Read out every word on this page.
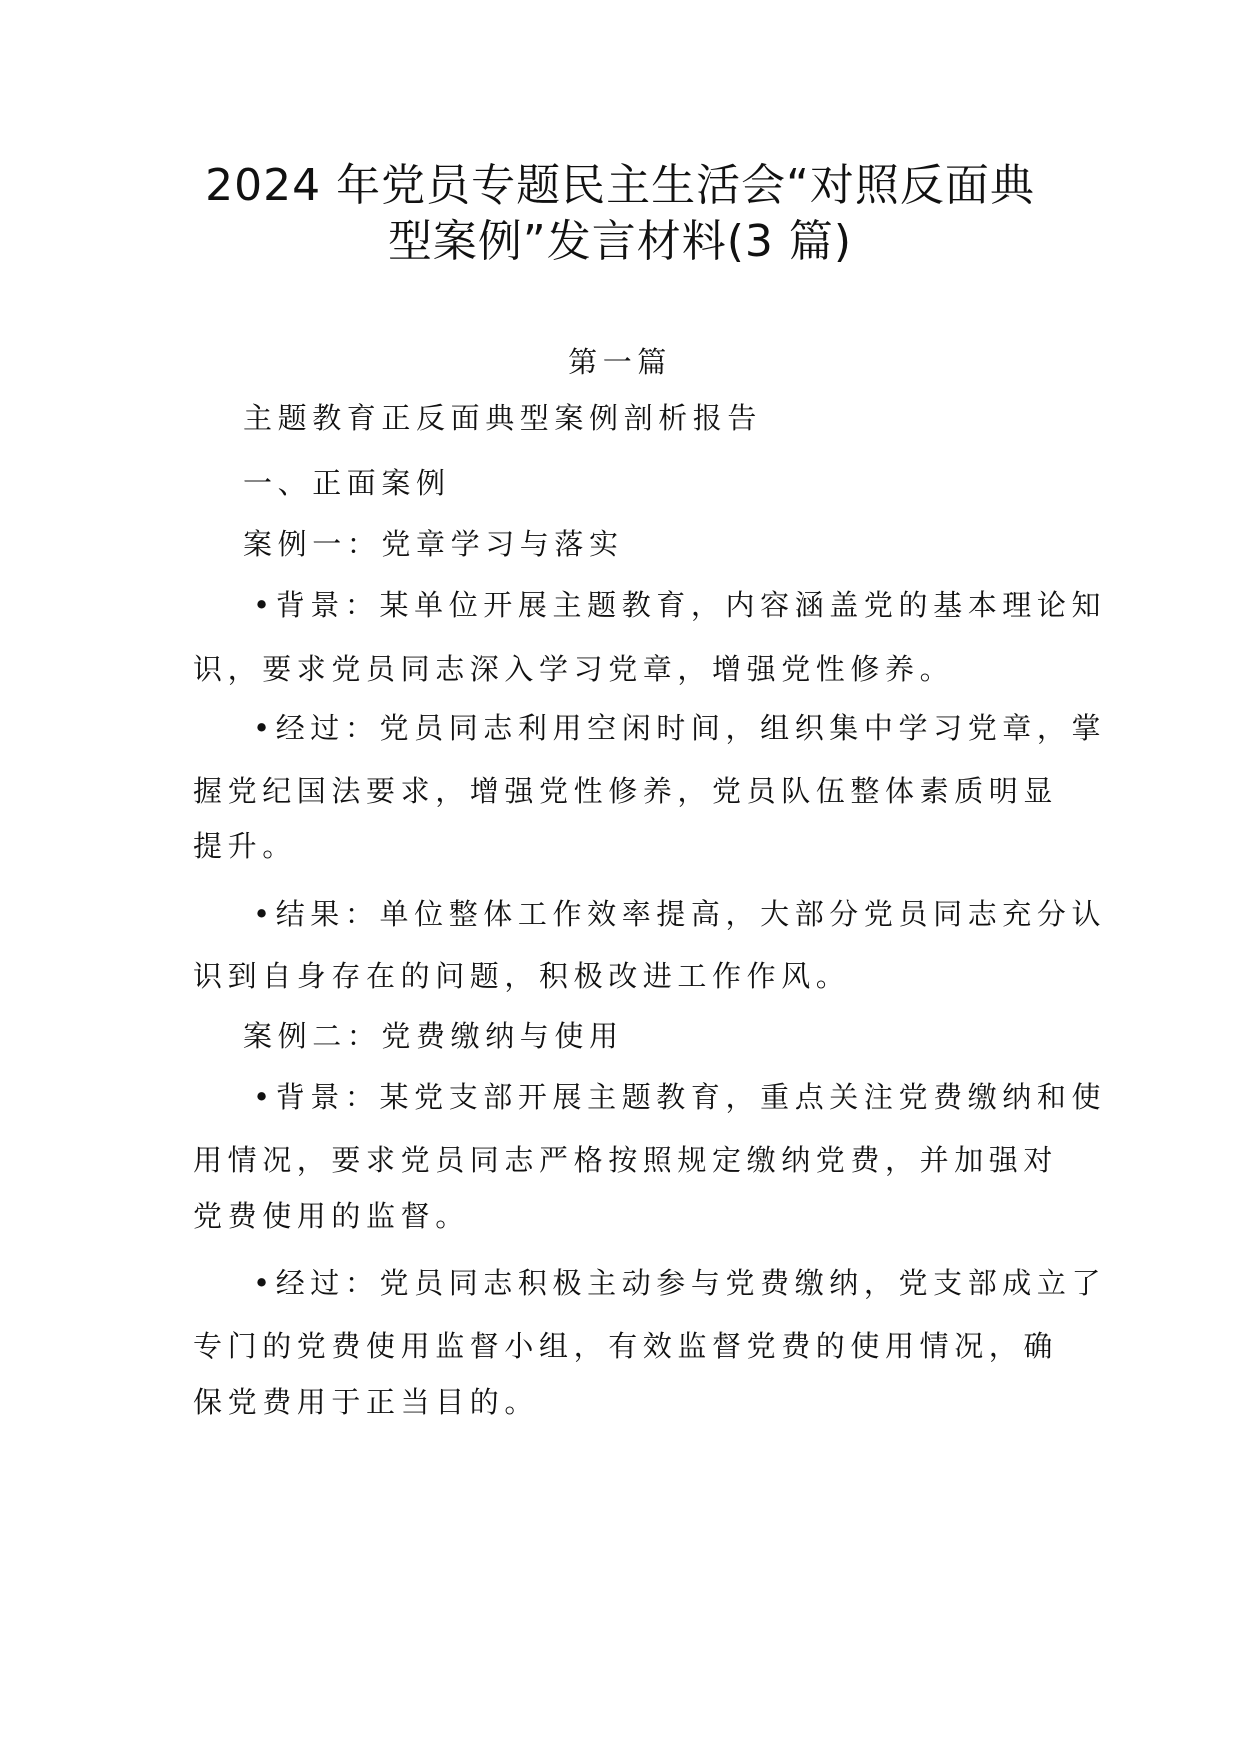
2024 年党员专题民主生活会“对照反面典
型案例”发言材料(3 篇)
第一篇
主题教育正反面典型案例剖析报告
一、正面案例
案例一：党章学习与落实
•背景：某单位开展主题教育，内容涵盖党的基本理论知
识，要求党员同志深入学习党章，增强党性修养。
•经过：党员同志利用空闲时间，组织集中学习党章，掌
握党纪国法要求，增强党性修养，党员队伍整体素质明显
提升。
•结果：单位整体工作效率提高，大部分党员同志充分认
识到自身存在的问题，积极改进工作作风。
案例二：党费缴纳与使用
•背景：某党支部开展主题教育，重点关注党费缴纳和使
用情况，要求党员同志严格按照规定缴纳党费，并加强对
党费使用的监督。
•经过：党员同志积极主动参与党费缴纳，党支部成立了
专门的党费使用监督小组，有效监督党费的使用情况，确
保党费用于正当目的。
